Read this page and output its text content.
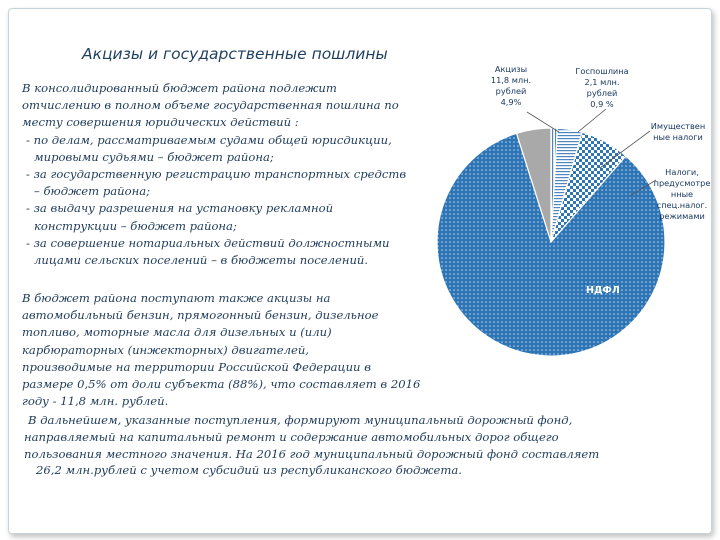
Акцизы и государственные пошлины
В консолидированный бюджет района подлежит
отчислению в полном объеме государственная пошлина по
месту совершения юридических действий :
- по делам, рассматриваемым судами общей юрисдикции,
мировыми судьями – бюджет района;
- за государственную регистрацию транспортных средств
– бюджет района;
- за выдачу разрешения на установку рекламной
конструкции – бюджет района;
- за совершение нотариальных действий должностными
лицами сельских поселений – в бюджеты поселений.
В бюджет района поступают также акцизы на
автомобильный бензин, прямогонный бензин, дизельное
топливо, моторные масла для дизельных и (или)
карбюраторных (инжекторных) двигателей,
производимые на территории Российской Федерации в
размере 0,5% от доли субъекта (88%), что составляет в 2016
году - 11,8 млн. рублей.
В дальнейшем, указанные поступления, формируют муниципальный дорожный фонд,
направляемый на капитальный ремонт и содержание автомобильных дорог общего
пользования местного значения. На 2016 год муниципальный дорожный фонд составляет
26,2 млн.рублей с учетом субсидий из республиканского бюджета.
Акцизы
11,8 млн.
рублей
4,9%
Госпошлина
2,1 млн.
рублей
0,9 %
Имуществен
ные налоги
Налоги,
предусмотре
нные
спец.налог.
режимами
НДФЛ
